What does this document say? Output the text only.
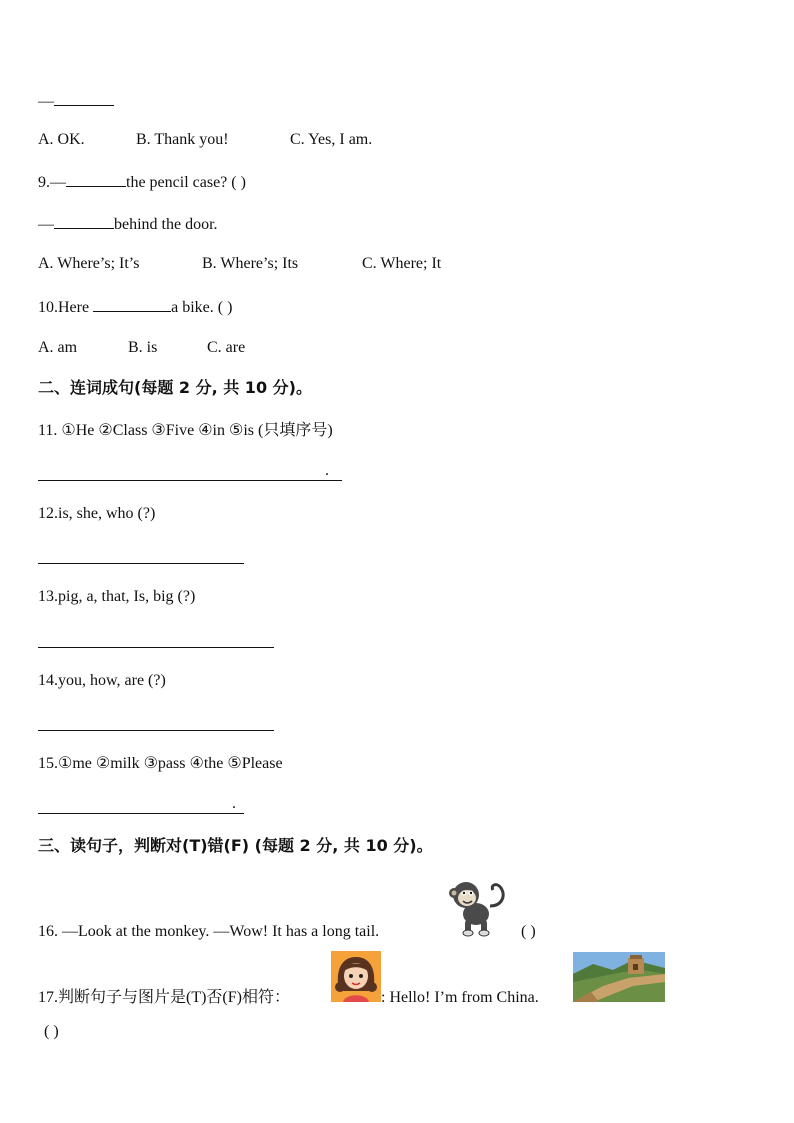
—
A. OK.	B. Thank you!	C. Yes, I am.
9.—	the pencil case? ( )
—	behind the door.
A. Where’s; It’s	B. Where’s; Its	C. Where; It
10.Here	a bike. ( )
A. am	B. is	C. are
二、连词成句(每题 2 分, 共 10 分)。
11. ①He ②Class ③Five ④in ⑤is (只填序号)
.
12.is, she, who (?)
13.pig, a, that, Is, big (?)
14.you, how, are (?)
15.①me ②milk ③pass ④the ⑤Please
.
三、读句子，判断对(T)错(F) (每题 2 分, 共 10 分)。
16. —Look at the monkey. —Wow! It has a long tail.	( )
17.判断句子与图片是(T)否(F)相符：	: Hello! I’m from China.
( )
